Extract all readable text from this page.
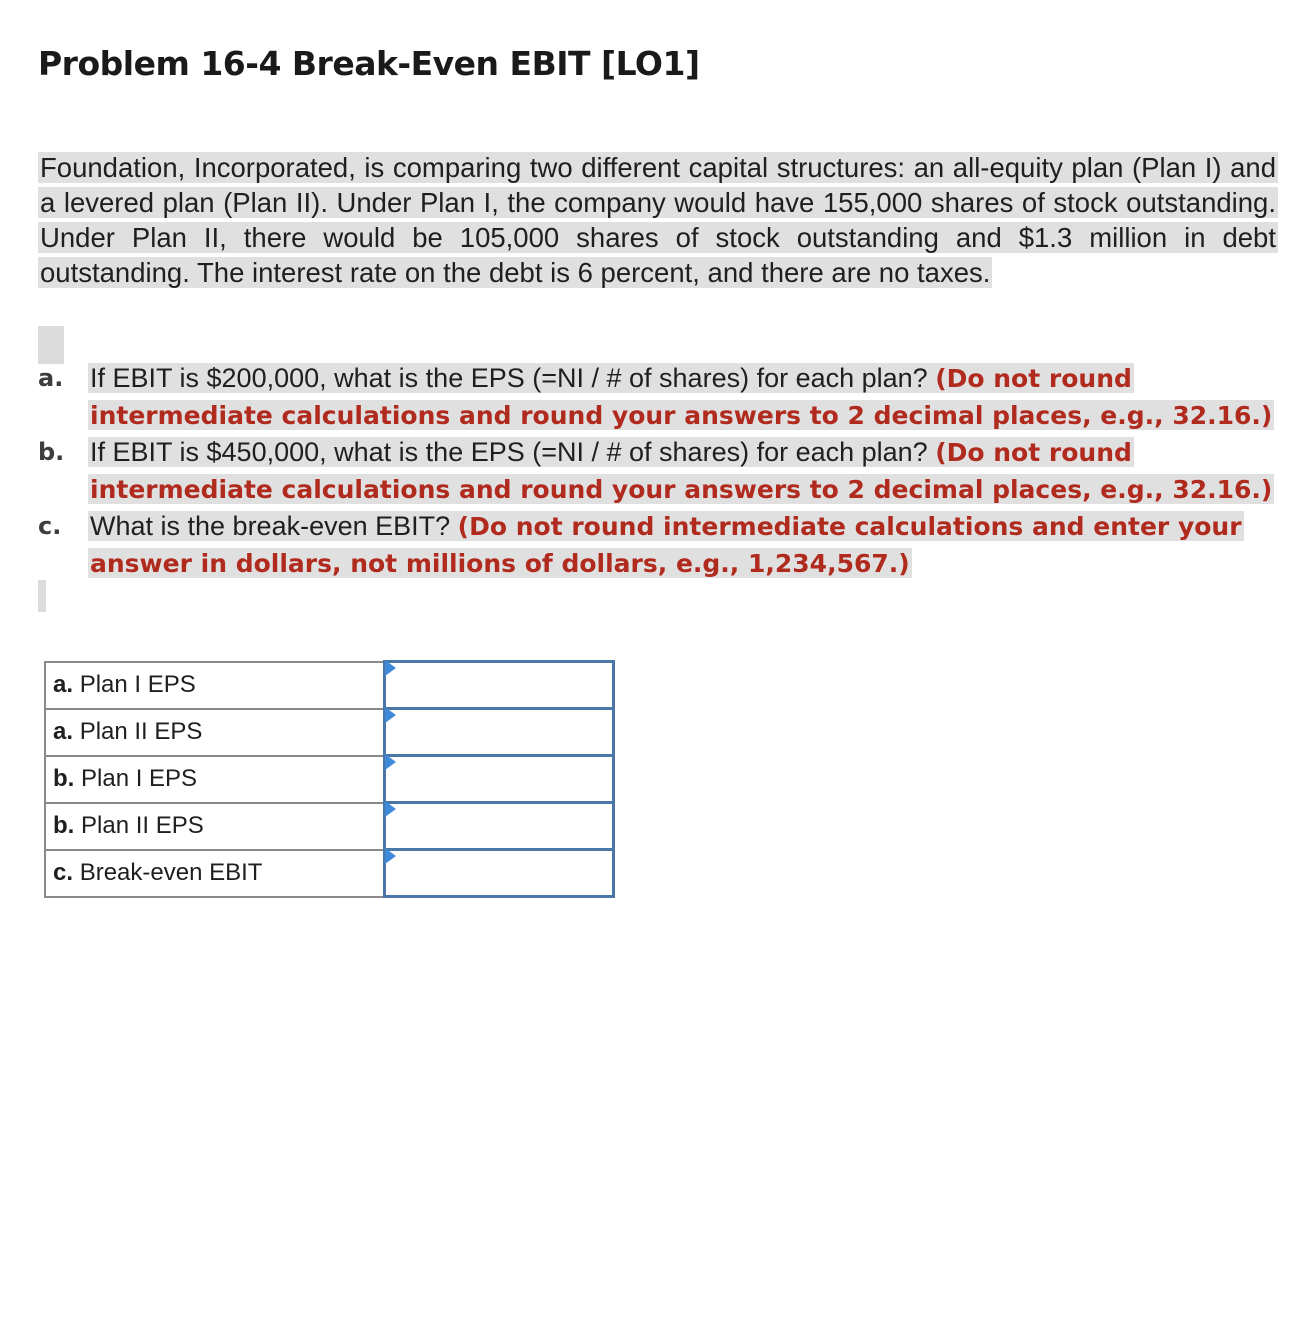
Problem 16-4 Break-Even EBIT [LO1]

Foundation, Incorporated, is comparing two different capital structures: an all-equity plan (Plan I) and a levered plan (Plan II). Under Plan I, the company would have 155,000 shares of stock outstanding. Under Plan II, there would be 105,000 shares of stock outstanding and $1.3 million in debt outstanding. The interest rate on the debt is 6 percent, and there are no taxes.

a. If EBIT is $200,000, what is the EPS (=NI / # of shares) for each plan? (Do not round intermediate calculations and round your answers to 2 decimal places, e.g., 32.16.)
b. If EBIT is $450,000, what is the EPS (=NI / # of shares) for each plan? (Do not round intermediate calculations and round your answers to 2 decimal places, e.g., 32.16.)
c.	What is the break-even EBIT? (Do not round intermediate calculations and enter your answer in dollars, not millions of dollars, e.g., 1,234,567.)
a. Plan I EPS	

a. Plan II EPS	

b. Plan I EPS	

b. Plan II EPS	

c. Break-even EBIT	
